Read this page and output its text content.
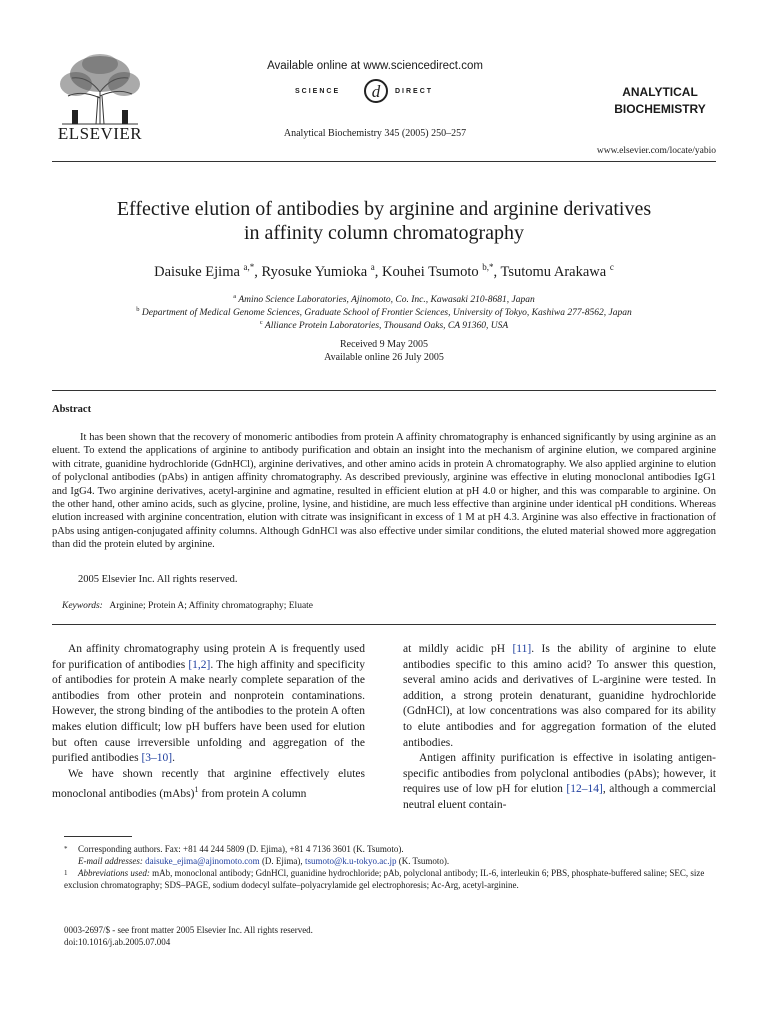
ELSEVIER
Available online at www.sciencedirect.com
SCIENCE d DIRECT
Analytical Biochemistry 345 (2005) 250–257
ANALYTICAL
BIOCHEMISTRY
www.elsevier.com/locate/yabio
Effective elution of antibodies by arginine and arginine derivatives
in affinity column chromatography
Daisuke Ejima $^{a,*}$, Ryosuke Yumioka $^a$, Kouhei Tsumoto $^{b,*}$, Tsutomu Arakawa $^c$
$^a$ Amino Science Laboratories, Ajinomoto, Co. Inc., Kawasaki 210-8681, Japan
$^b$ Department of Medical Genome Sciences, Graduate School of Frontier Sciences, University of Tokyo, Kashiwa 277-8562, Japan
$^c$ Alliance Protein Laboratories, Thousand Oaks, CA 91360, USA
Received 9 May 2005
Available online 26 July 2005
Abstract

It has been shown that the recovery of monomeric antibodies from protein A affinity chromatography is enhanced significantly by using arginine as an eluent. To extend the applications of arginine to antibody purification and obtain an insight into the mechanism of arginine elution, we compared arginine with citrate, guanidine hydrochloride (GdnHCl), arginine derivatives, and other amino acids in protein A chromatography. We also applied arginine to elution of polyclonal antibodies (pAbs) in antigen affinity chromatography. As described previously, arginine was effective in eluting monoclonal antibodies IgG1 and IgG4. Two arginine derivatives, acetyl-arginine and agmatine, resulted in efficient elution at pH 4.0 or higher, and this was comparable to arginine. On the other hand, other amino acids, such as glycine, proline, lysine, and histidine, are much less effective than arginine under identical pH conditions. Whereas elution increased with arginine concentration, elution with citrate was insignificant in excess of 1 M at pH 4.3. Arginine was also effective in fractionation of pAbs using antigen-conjugated affinity columns. Although GdnHCl was also effective under similar conditions, the eluted material showed more aggregation than did the protein eluted by arginine.

2005 Elsevier Inc. All rights reserved.
Keywords: Arginine; Protein A; Affinity chromatography; Eluate

An affinity chromatography using protein A is frequently used for purification of antibodies [1,2]. The high affinity and specificity of antibodies for protein A make nearly complete separation of the antibodies from other protein and nonprotein contaminations. However, the strong binding of the antibodies to the protein A often makes elution difficult; low pH buffers have been used for elution but often cause irreversible unfolding and aggregation of the purified antibodies [3–10].

We have shown recently that arginine effectively elutes monoclonal antibodies (mAbs)$^1$ from protein A column

at mildly acidic pH [11]. Is the ability of arginine to elute antibodies specific to this amino acid? To answer this question, several amino acids and derivatives of L-arginine were tested. In addition, a strong protein denaturant, guanidine hydrochloride (GdnHCl), at low concentrations was also compared for its ability to elute antibodies and for aggregation formation of the eluted antibodies.

Antigen affinity purification is effective in isolating antigen-specific antibodies from polyclonal antibodies (pAbs); however, it requires use of low pH for elution [12–14], although a commercial neutral eluent contain-

* Corresponding authors. Fax: +81 44 244 5809 (D. Ejima), +81 4 7136 3601 (K. Tsumoto).
E-mail addresses: daisuke_ejima@ajinomoto.com (D. Ejima), tsumoto@k.u-tokyo.ac.jp (K. Tsumoto).
1 Abbreviations used: mAb, monoclonal antibody; GdnHCl, guanidine hydrochloride; pAb, polyclonal antibody; IL-6, interleukin 6; PBS, phosphate-buffered saline; SEC, size exclusion chromatography; SDS–PAGE, sodium dodecyl sulfate–polyacrylamide gel electrophoresis; Ac-Arg, acetyl-arginine.
0003-2697/$ - see front matter 2005 Elsevier Inc. All rights reserved.
doi:10.1016/j.ab.2005.07.004
